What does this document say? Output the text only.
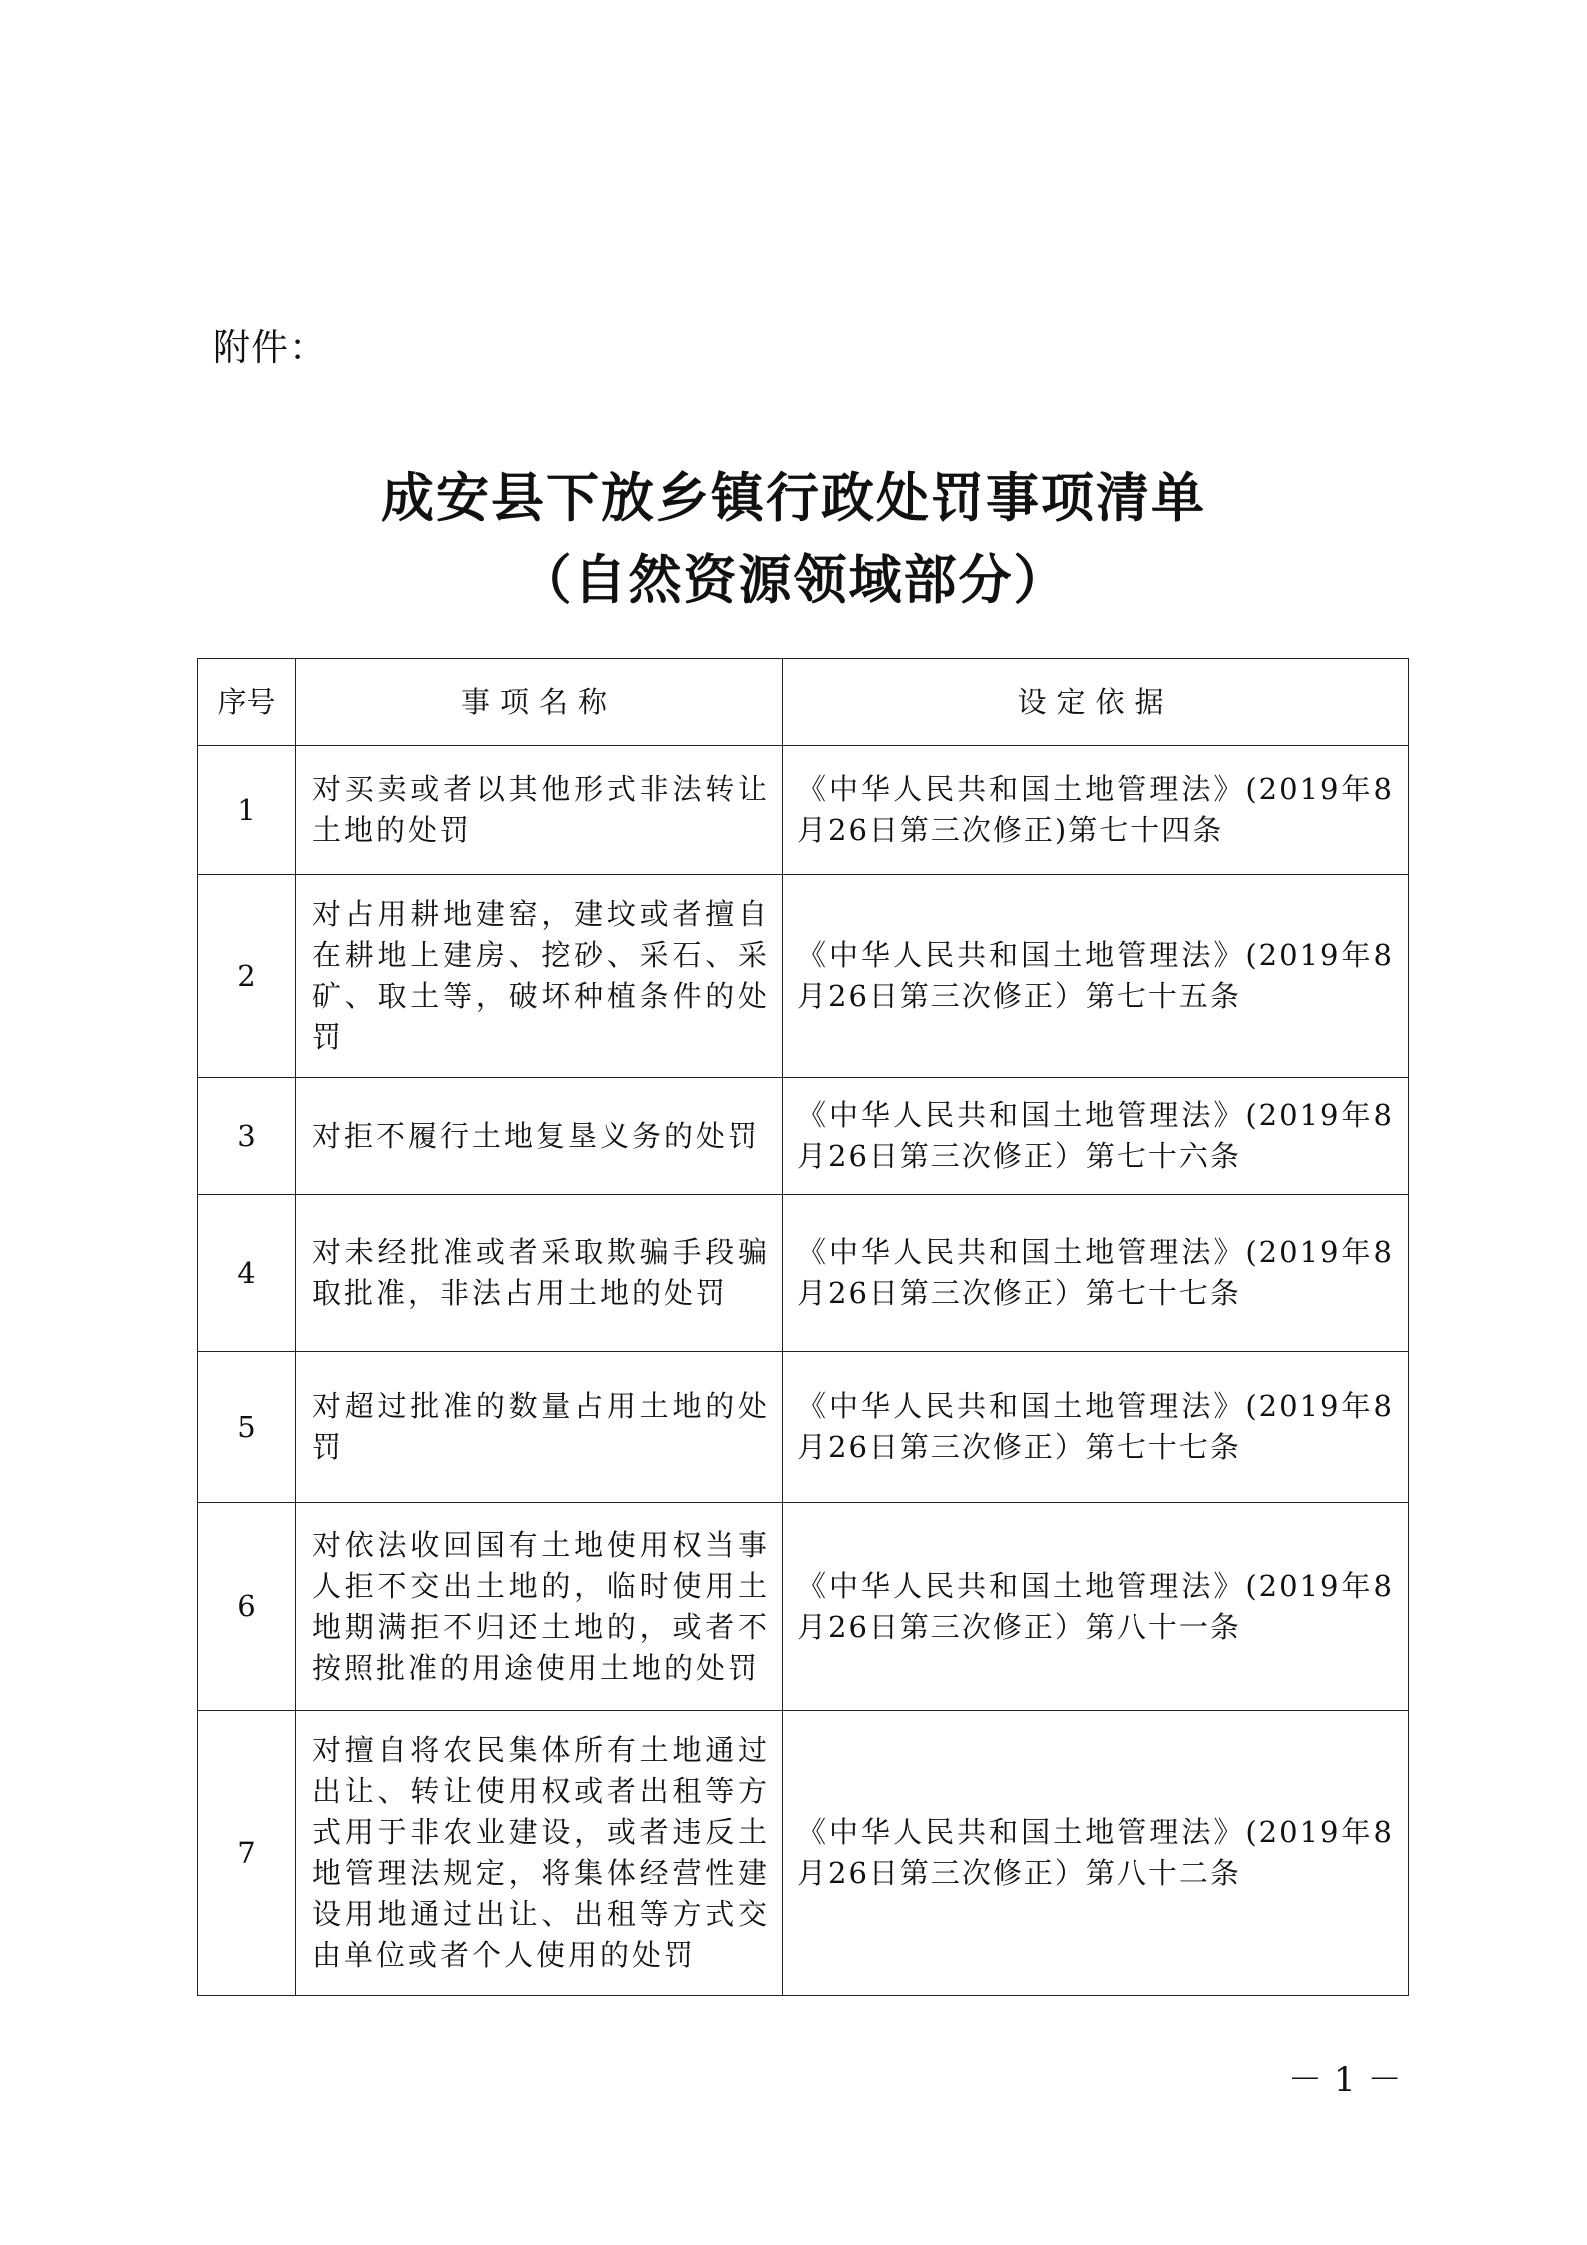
附件：
成安县下放乡镇行政处罚事项清单
（自然资源领域部分）
序号	事项名称	设定依据
1	对买卖或者以其他形式非法转让土地的处罚	《中华人民共和国土地管理法》(2019年8月26日第三次修正)第七十四条
2	对占用耕地建窑，建坟或者擅自在耕地上建房、挖砂、采石、采矿、取土等，破坏种植条件的处罚	《中华人民共和国土地管理法》(2019年8月26日第三次修正）第七十五条
3	对拒不履行土地复垦义务的处罚	《中华人民共和国土地管理法》(2019年8月26日第三次修正）第七十六条
4	对未经批准或者采取欺骗手段骗取批准，非法占用土地的处罚	《中华人民共和国土地管理法》(2019年8月26日第三次修正）第七十七条
5	对超过批准的数量占用土地的处罚	《中华人民共和国土地管理法》(2019年8月26日第三次修正）第七十七条
6	对依法收回国有土地使用权当事人拒不交出土地的，临时使用土地期满拒不归还土地的，或者不按照批准的用途使用土地的处罚	《中华人民共和国土地管理法》(2019年8月26日第三次修正）第八十一条
7	对擅自将农民集体所有土地通过出让、转让使用权或者出租等方式用于非农业建设，或者违反土地管理法规定，将集体经营性建设用地通过出让、出租等方式交由单位或者个人使用的处罚	《中华人民共和国土地管理法》(2019年8月26日第三次修正）第八十二条
－1－
